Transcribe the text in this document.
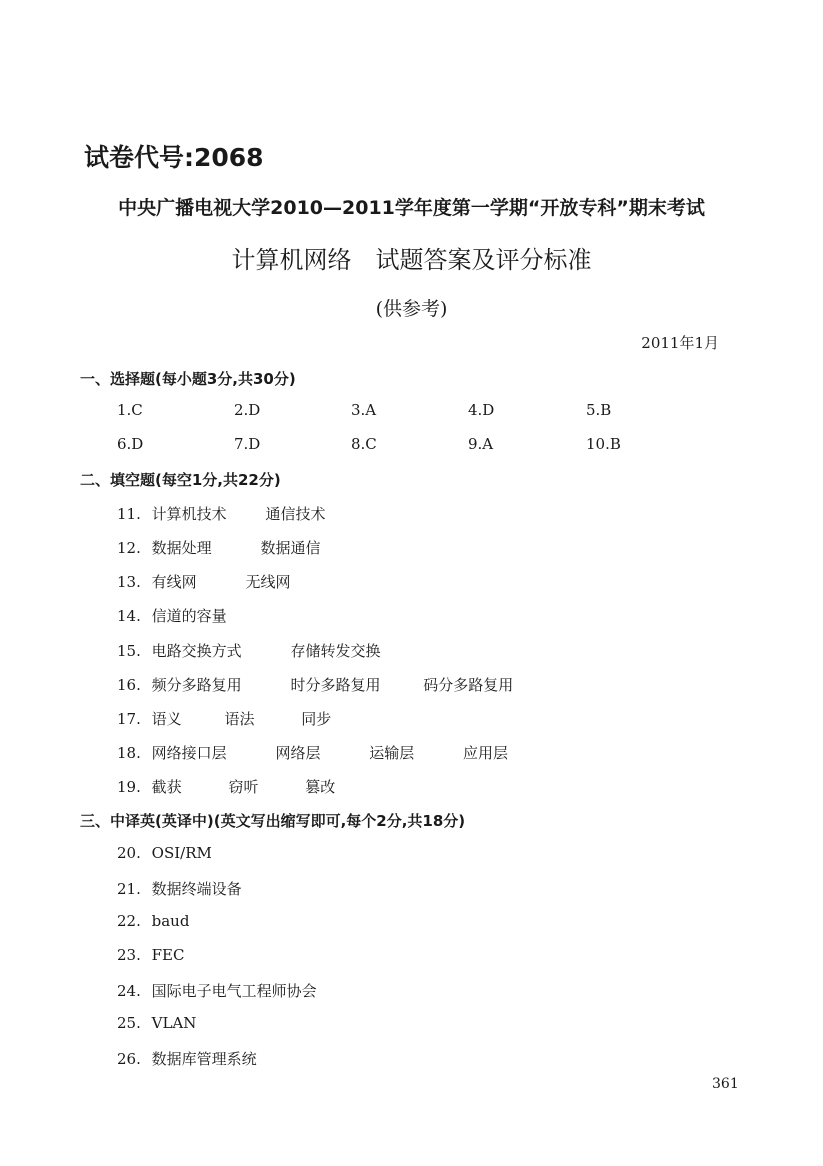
试卷代号:2068
中央广播电视大学2010—2011学年度第一学期“开放专科”期末考试
计算机网络　试题答案及评分标准
(供参考)
2011年1月
一、选择题(每小题3分,共30分)
1.C	2.D	3.A	4.D	5.B
6.D	7.D	8.C	9.A	10.B
二、填空题(每空1分,共22分)
11. 计算机技术	通信技术
12. 数据处理	数据通信
13. 有线网	无线网
14. 信道的容量
15. 电路交换方式	存储转发交换
16. 频分多路复用	时分多路复用	码分多路复用
17. 语义	语法	同步
18. 网络接口层	网络层	运输层	应用层
19. 截获	窃听	篡改
三、中译英(英译中)(英文写出缩写即可,每个2分,共18分)
20. OSI/RM
21. 数据终端设备
22. baud
23. FEC
24. 国际电子电气工程师协会
25. VLAN
26. 数据库管理系统
361
